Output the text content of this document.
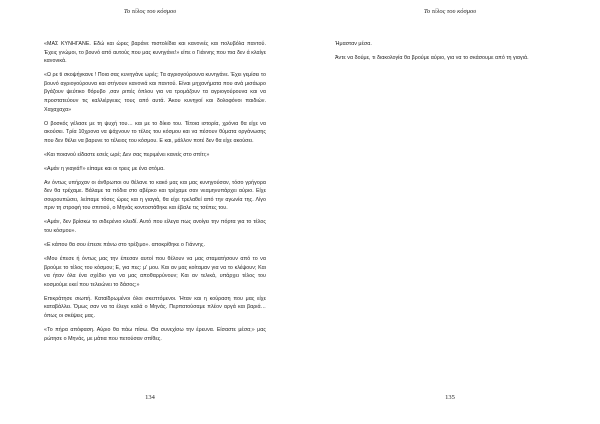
Το τέλος του κόσμου

«ΜΑΣ ΚΥΝΗΓΑΝΕ. Εδώ και ώρες βαράνε πιστολίδια και κανονιές και πολυβόλα παντού. Έχεις γνώμοι, το βουνό από αυτούς που μας κυνηγάνε!» είπε ο Γιάννης που πια δεν ά κλαίγε κανονικά.

«Ω ρε ti σκοψήγκανε ! Ποια σας κυνηγάνε ωρές; Τα αγριογούρουνα κυνηγάνε. Έχει γεμίσει το βουνό αγριογούρουνα και στήνουν κανονιά και παντού. Είναι μηχανήματα που ανά μισάωρο βγάζουν ψεύτικο θόρυβο ,σαν ριπές όπλου για να τρομάζουν τα αγριογούρουνα και να προστατεύουν τις καλλιέργειες τους από αυτά. Άκου κυνηγοί και δολοφόνοι παιδιών. Χαχαχαχα»

Ο βοσκός γέλασε με τη ψυχή του… και με το δίκιο του. Τέτοια ιστορία, χρόνια θα είχε να ακούσει. Τρία 10χρονα να ψάχνουν το τέλος του κόσμου και να πέσουν θύματα οργάνωσης που δεν θέλει να βαρυνε το τέλειος του κόσμου. Ε και, μάλλον ποτέ δεν θα είχε ακούσει.

«Και ποιανού είδαστε εσείς ωρέ; Δεν σας περιμένει κανείς στο σπίτι;»

«Αμάν η γιαγιά!!» είπαμε και οι τρεις με ένα στόμα.

Αν όντως υπήρχαν οι άνθρωποι ου θέλανε το κακό μας και μας κυνηγούσαν, τόσο γρήγορα δεν θα τρέχαμε. Βάλαμε τα πόδια στο αβέρκο και τρέχαμε σαν νεαμηνυπάρχει αύριο. Είχε σουρουπώσει, λείπαμε τόσες ώρες και η γιαγιά, θα είχε τρελαθεί από την αγωνία της. Λίγο πριν τη στροφή του σπιτιού, ο Μηνάς κοντοστάθηκε και έβαλε τις τσέπες του.

«Αμάν, δεν βρίσκω το σιδερένιο κλειδί. Αυτό που είλεγα πως ανοίγει την πόρτα για το τέλος του κόσμου».

«Ε κάπου θα σου έπεσε πάνω στο τρέξιμο». αποκρίθηκε ο Γιάννης.

«Μου έπεσε ή όντως μας την έπεσαν αυτοί που θέλουν να μας σταματήσουν από το να βρούμε το τέλος του κόσμου; Ε, για πες: μ' μου. Και αν μας κοίταμαν για να το κλέψουν; Και να ήταν όλα ένα σχέδιο για να μας αποθαρρύνουν; Και αν τελικά, υπάρχει τέλος του κοσμούμε εκεί που τελειώνει το δάσος;»

Επικράτησε σιωπή. Καταϊδρωμένοι όλοι σκεπτόμενοι. Ήταν και η κούραση που μας είχε καταβάλλει. Όμως σαν να τα έλεγε καλά ο Μηνάς. Περπατούσαμε πλέον αργά και βαριά… όπως οι σκέψεις μας.

«Το πήρα απόφαση. Αύριο θα πάω πίσω. Θα συνεχίσω την έρευνα. Είσαστε μέσα;» μας ρώτησε ο Μηνάς, με μάτια που πετούσαν σπίθες.

134
Το τέλος του κόσμου

Ήμασταν μέσα.

Άντε να δούμε, τι διακολογία θα βρούμε αύριο, για να το σκάσουμε από τη γιαγιά.

135
